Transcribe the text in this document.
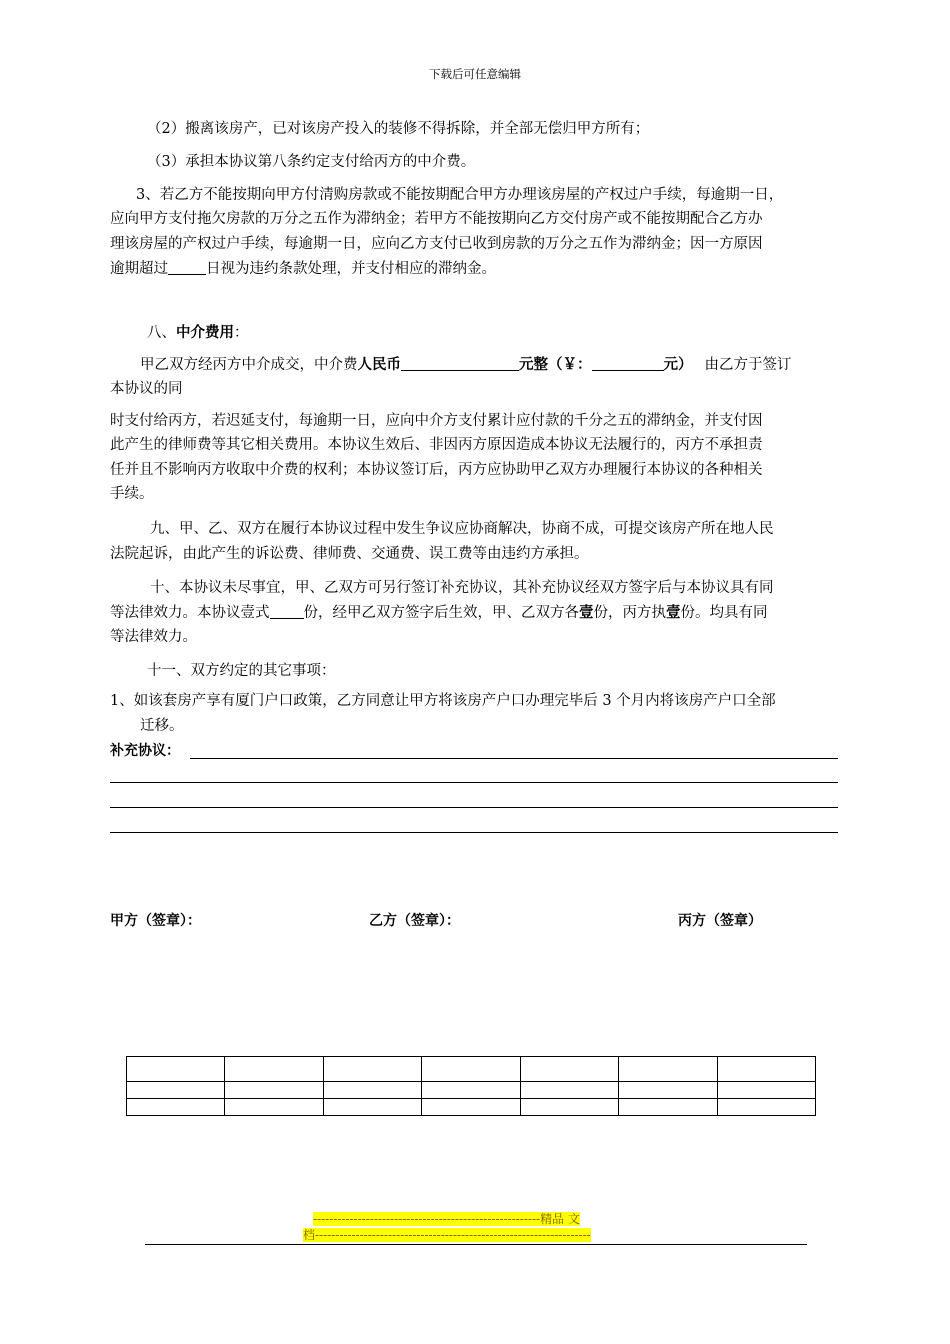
下载后可任意编辑
（2）搬离该房产，已对该房产投入的装修不得拆除，并全部无偿归甲方所有；
（3）承担本协议第八条约定支付给丙方的中介费。
3、若乙方不能按期向甲方付清购房款或不能按期配合甲方办理该房屋的产权过户手续，每逾期一日，
应向甲方支付拖欠房款的万分之五作为滞纳金；若甲方不能按期向乙方交付房产或不能按期配合乙方办
理该房屋的产权过户手续，每逾期一日，应向乙方支付已收到房款的万分之五作为滞纳金；因一方原因
逾期超过	日视为违约条款处理，并支付相应的滞纳金。
八、中介费用：
甲乙双方经丙方中介成交，中介费人民币	元整（￥：	元） 由乙方于签订
本协议的同
时支付给丙方，若迟延支付，每逾期一日，应向中介方支付累计应付款的千分之五的滞纳金，并支付因
此产生的律师费等其它相关费用。本协议生效后、非因丙方原因造成本协议无法履行的，丙方不承担责
任并且不影响丙方收取中介费的权利；本协议签订后，丙方应协助甲乙双方办理履行本协议的各种相关
手续。
九、甲、乙、双方在履行本协议过程中发生争议应协商解决，协商不成，可提交该房产所在地人民
法院起诉，由此产生的诉讼费、律师费、交通费、误工费等由违约方承担。
十、本协议未尽事宜，甲、乙双方可另行签订补充协议，其补充协议经双方签字后与本协议具有同
等法律效力。本协议壹式 份，经甲乙双方签字后生效，甲、乙双方各壹份，丙方执壹份。均具有同
等法律效力。
十一、双方约定的其它事项：
1、如该套房产享有厦门户口政策，乙方同意让甲方将该房产户口办理完毕后 3 个月内将该房产户口全部
迁移。
补充协议：
甲方（签章）：	乙方（签章）：	丙方（签章）

--------------------------------------------------------精品 文
档--------------------------------------------------------------------
